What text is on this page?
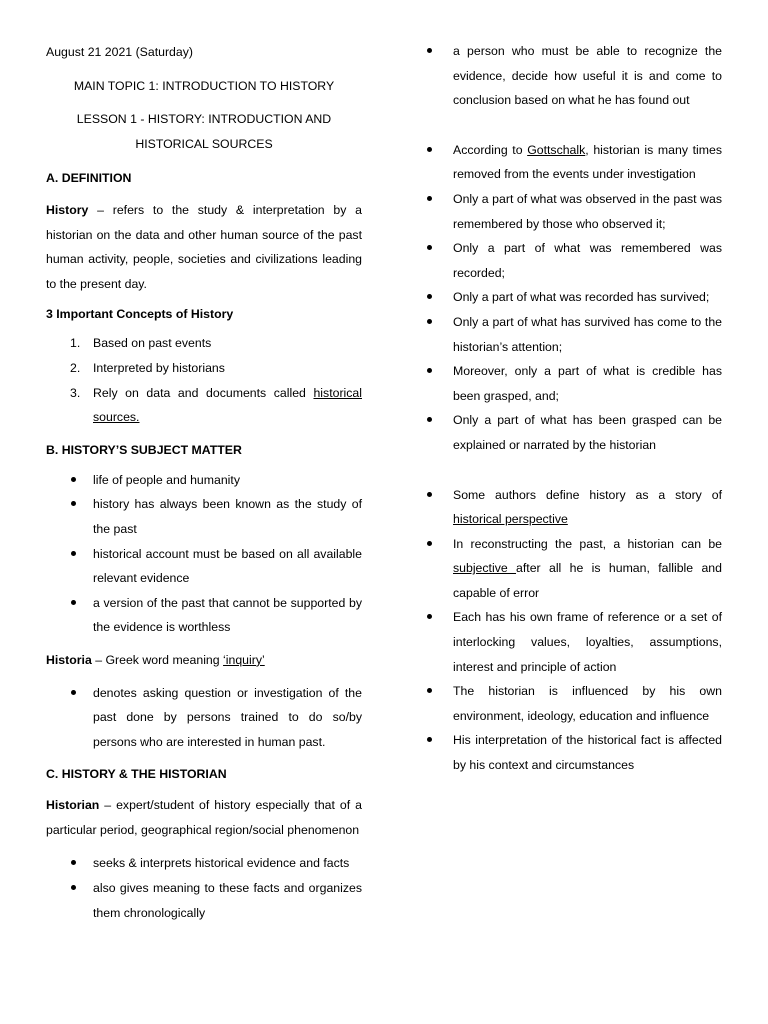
August 21 2021 (Saturday)

MAIN TOPIC 1: INTRODUCTION TO HISTORY

LESSON 1 - HISTORY: INTRODUCTION AND

HISTORICAL SOURCES

A. DEFINITION

History – refers to the study & interpretation by a historian on the data and other human source of the past human activity, people, societies and civilizations leading to the present day.

3 Important Concepts of History

1. Based on past events
2. Interpreted by historians
3. Rely on data and documents called historical sources.

B. HISTORY’S SUBJECT MATTER

life of people and humanity
history has always been known as the study of the past
historical account must be based on all available relevant evidence
a version of the past that cannot be supported by the evidence is worthless

Historia – Greek word meaning ‘inquiry’

denotes asking question or investigation of the past done by persons trained to do so/by persons who are interested in human past.

C. HISTORY & THE HISTORIAN

Historian – expert/student of history especially that of a particular period, geographical region/social phenomenon

seeks & interprets historical evidence and facts
also gives meaning to these facts and organizes them chronologically
a person who must be able to recognize the evidence, decide how useful it is and come to conclusion based on what he has found out
According to Gottschalk, historian is many times removed from the events under investigation
Only a part of what was observed in the past was remembered by those who observed it;
Only a part of what was remembered was recorded;
Only a part of what was recorded has survived;
Only a part of what has survived has come to the historian’s attention;
Moreover, only a part of what is credible has been grasped, and;
Only a part of what has been grasped can be explained or narrated by the historian
Some authors define history as a story of historical perspective
In reconstructing the past, a historian can be subjective after all he is human, fallible and capable of error
Each has his own frame of reference or a set of interlocking values, loyalties, assumptions, interest and principle of action
The historian is influenced by his own environment, ideology, education and influence
His interpretation of the historical fact is affected by his context and circumstances
